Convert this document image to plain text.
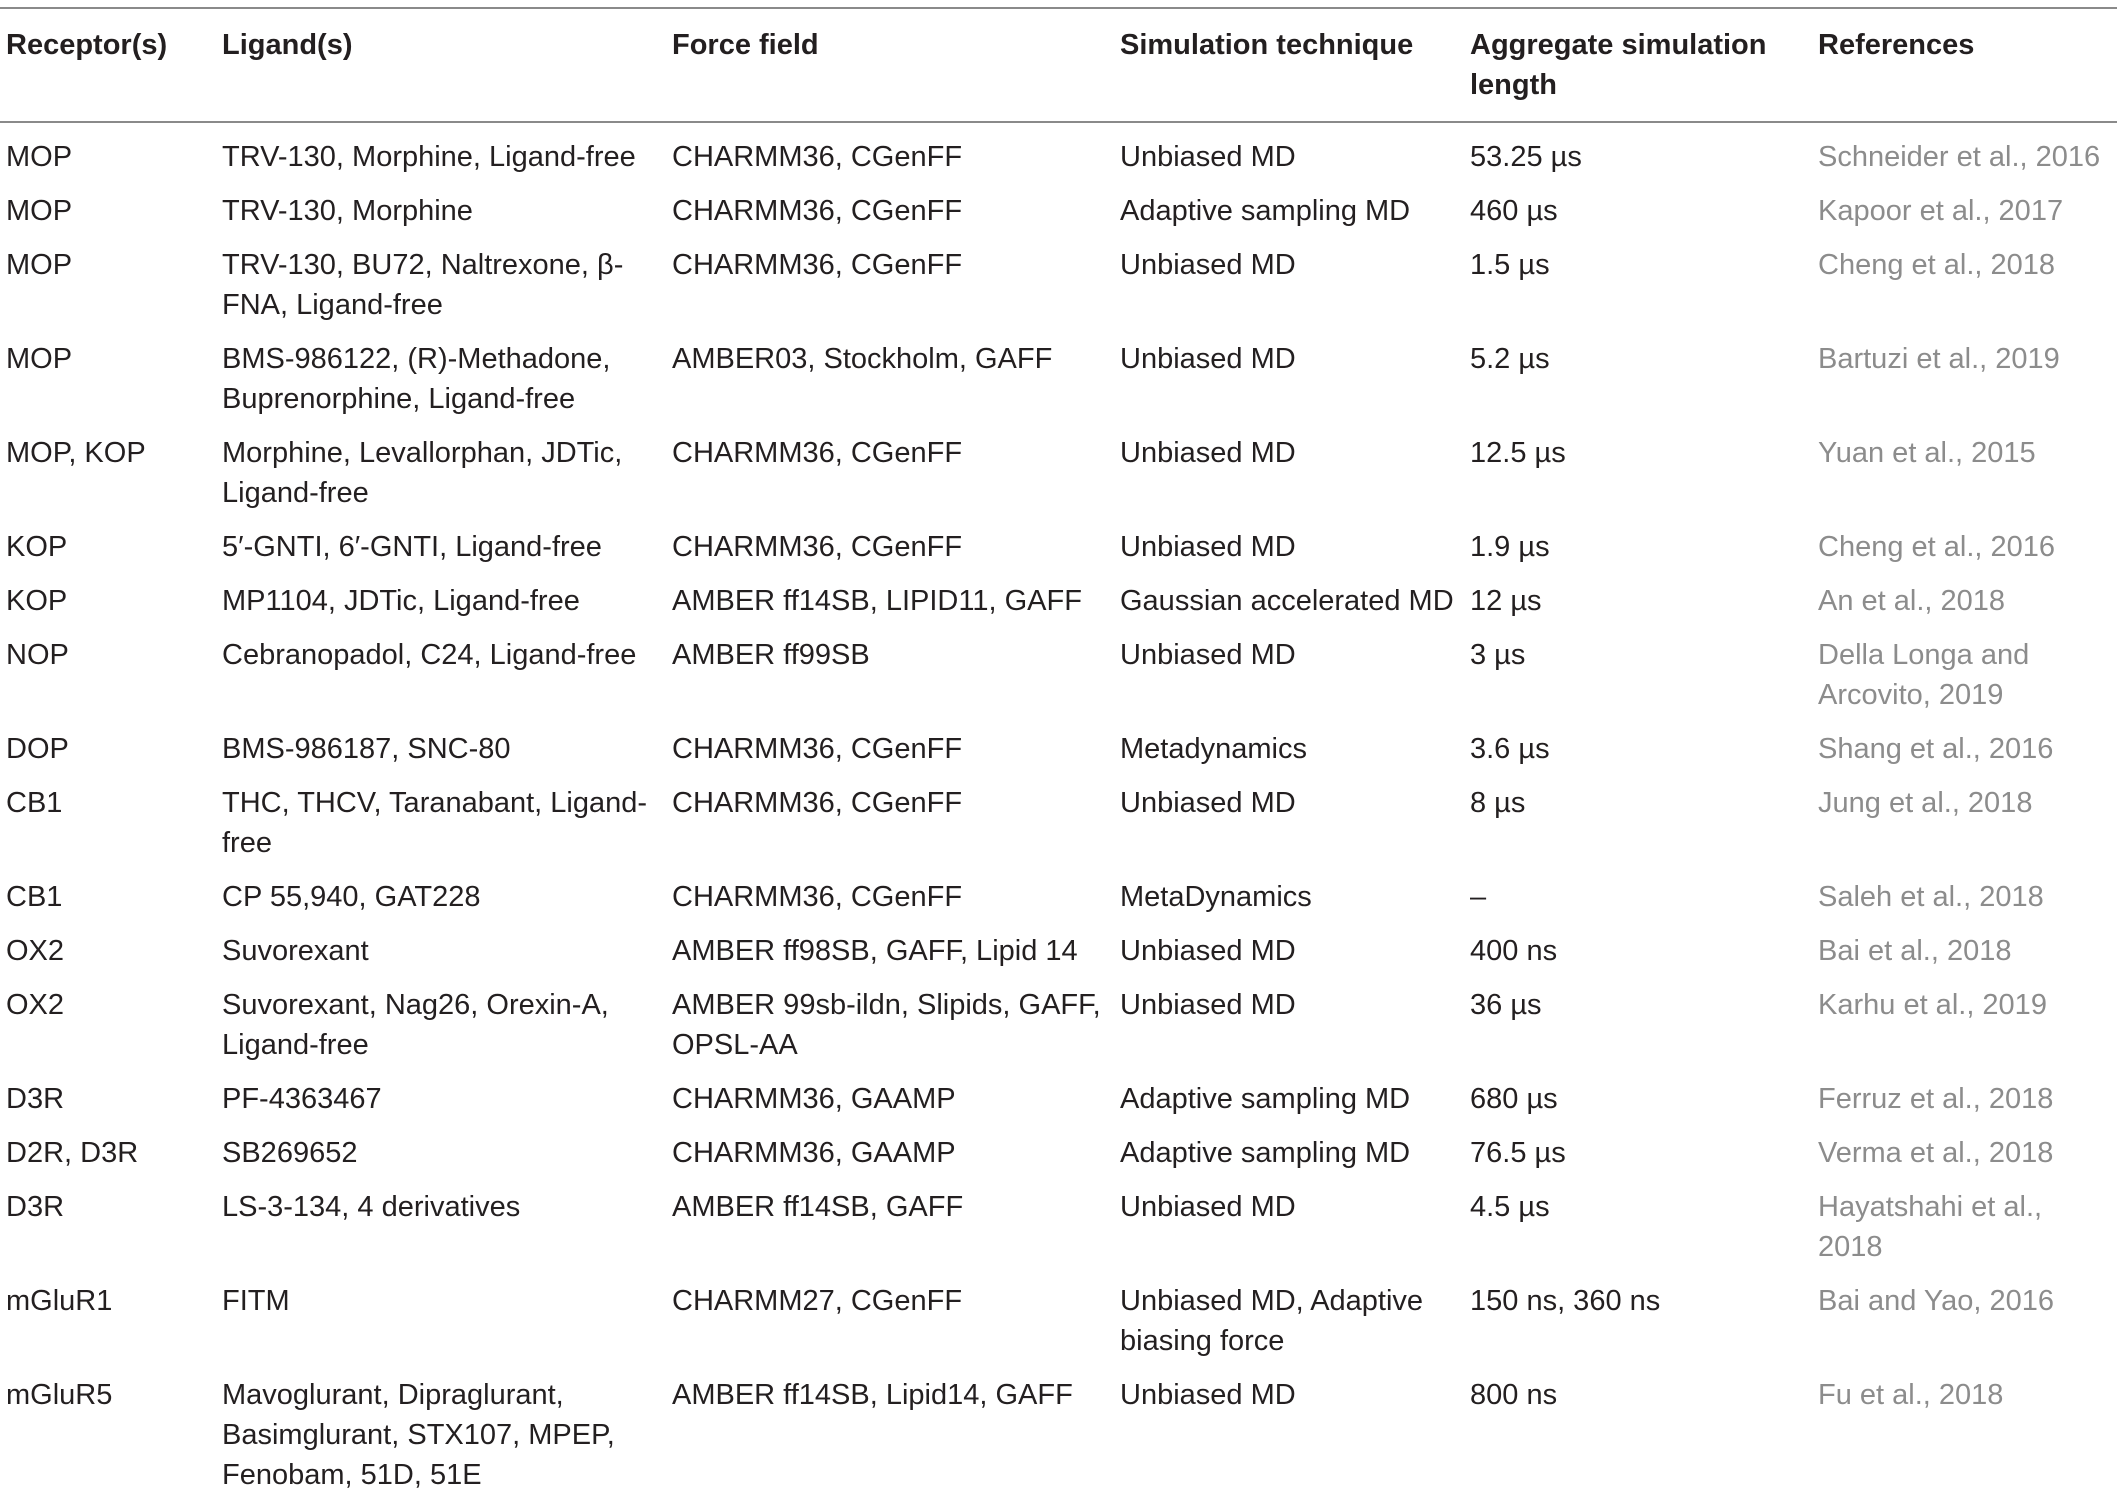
Receptor(s)	Ligand(s)	Force field	Simulation technique	Aggregate simulation length	References
MOP	TRV-130, Morphine, Ligand-free	CHARMM36, CGenFF	Unbiased MD	53.25 µs	Schneider et al., 2016
MOP	TRV-130, Morphine	CHARMM36, CGenFF	Adaptive sampling MD	460 µs	Kapoor et al., 2017
MOP	TRV-130, BU72, Naltrexone, β-FNA, Ligand-free	CHARMM36, CGenFF	Unbiased MD	1.5 µs	Cheng et al., 2018
MOP	BMS-986122, (R)-Methadone, Buprenorphine, Ligand-free	AMBER03, Stockholm, GAFF	Unbiased MD	5.2 µs	Bartuzi et al., 2019
MOP, KOP	Morphine, Levallorphan, JDTic, Ligand-free	CHARMM36, CGenFF	Unbiased MD	12.5 µs	Yuan et al., 2015
KOP	5′-GNTI, 6′-GNTI, Ligand-free	CHARMM36, CGenFF	Unbiased MD	1.9 µs	Cheng et al., 2016
KOP	MP1104, JDTic, Ligand-free	AMBER ff14SB, LIPID11, GAFF	Gaussian accelerated MD	12 µs	An et al., 2018
NOP	Cebranopadol, C24, Ligand-free	AMBER ff99SB	Unbiased MD	3 µs	Della Longa and Arcovito, 2019
DOP	BMS-986187, SNC-80	CHARMM36, CGenFF	Metadynamics	3.6 µs	Shang et al., 2016
CB1	THC, THCV, Taranabant, Ligand-free	CHARMM36, CGenFF	Unbiased MD	8 µs	Jung et al., 2018
CB1	CP 55,940, GAT228	CHARMM36, CGenFF	MetaDynamics	–	Saleh et al., 2018
OX2	Suvorexant	AMBER ff98SB, GAFF, Lipid 14	Unbiased MD	400 ns	Bai et al., 2018
OX2	Suvorexant, Nag26, Orexin-A, Ligand-free	AMBER 99sb-ildn, Slipids, GAFF, OPSL-AA	Unbiased MD	36 µs	Karhu et al., 2019
D3R	PF-4363467	CHARMM36, GAAMP	Adaptive sampling MD	680 µs	Ferruz et al., 2018
D2R, D3R	SB269652	CHARMM36, GAAMP	Adaptive sampling MD	76.5 µs	Verma et al., 2018
D3R	LS-3-134, 4 derivatives	AMBER ff14SB, GAFF	Unbiased MD	4.5 µs	Hayatshahi et al., 2018
mGluR1	FITM	CHARMM27, CGenFF	Unbiased MD, Adaptive biasing force	150 ns, 360 ns	Bai and Yao, 2016
mGluR5	Mavoglurant, Dipraglurant, Basimglurant, STX107, MPEP, Fenobam, 51D, 51E	AMBER ff14SB, Lipid14, GAFF	Unbiased MD	800 ns	Fu et al., 2018
